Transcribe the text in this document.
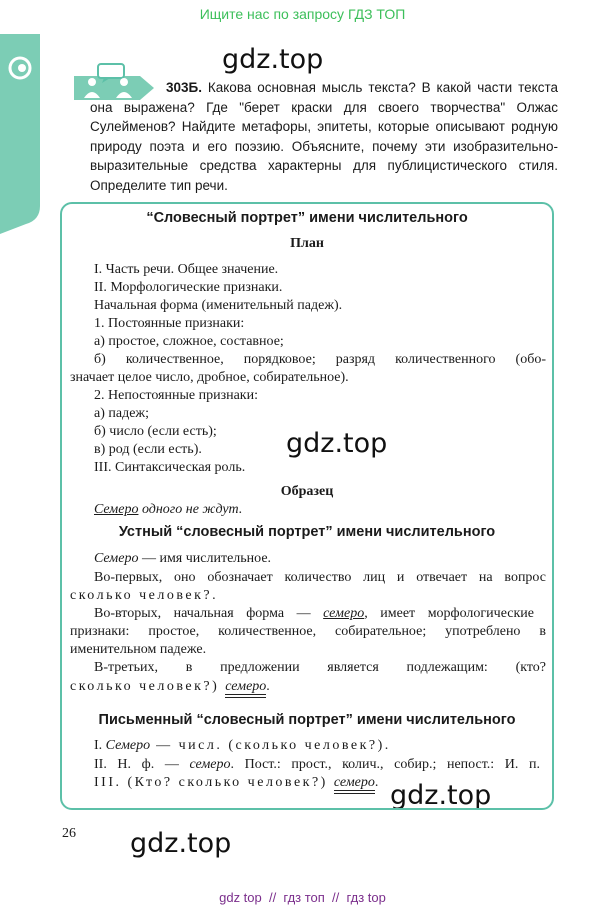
Ищите нас по запросу ГДЗ ТОП
gdz.top
gdz.top
gdz.top
gdz.top
303Б. Какова основная мысль текста? В какой части текста она выражена? Где "берет краски для своего творчества" Олжас Сулейменов? Найдите метафоры, эпитеты, которые описывают родную природу поэта и его поэзию. Объясните, почему эти изобразительно-выразительные средства характерны для публицистического стиля. Определите тип речи.
“Словесный портрет” имени числительного
План
I. Часть речи. Общее значение.
II. Морфологические признаки.
Начальная форма (именительный падеж).
1. Постоянные признаки:
а) простое, сложное, составное;
б) количественное, порядковое; разряд количественного (обо-
значает целое число, дробное, собирательное).
2. Непостоянные признаки:
а) падеж;
б) число (если есть);
в) род (если есть).
III. Синтаксическая роль.
Образец
Семеро одного не ждут.
Устный “словесный портрет” имени числительного
Семеро — имя числительное.
Во-первых, оно обозначает количество лиц и отвечает на вопрос
сколько человек?.
Во-вторых, начальная форма — семеро, имеет морфологические
признаки: простое, количественное, собирательное; употреблено в
именительном падеже.
В-третьих, в предложении является подлежащим: (кто?
сколько человек?) семеро.
Письменный “словесный портрет” имени числительного
I. Семеро — числ. (сколько человек?).
II. Н. ф. — семеро. Пост.: прост., колич., собир.; непост.: И. п.
III. (Кто? сколько человек?) семеро.
26
gdz top  //  гдз топ  //  гдз top
